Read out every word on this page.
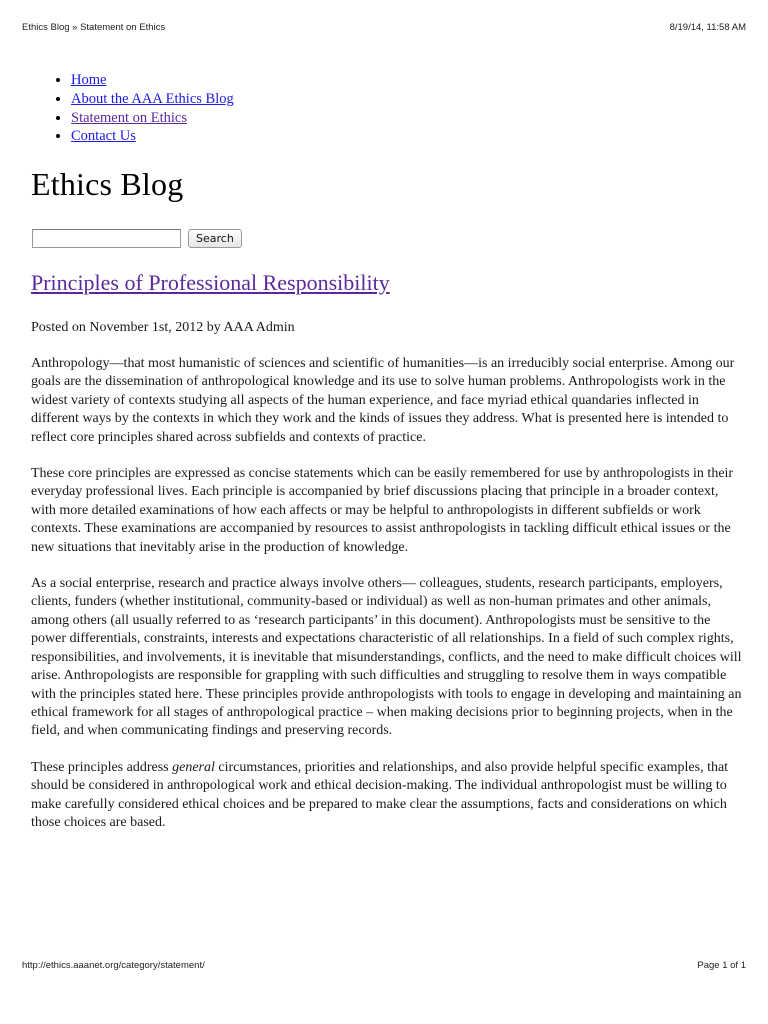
Ethics Blog » Statement on Ethics	8/19/14, 11:58 AM
• Home
• About the AAA Ethics Blog
• Statement on Ethics
• Contact Us
Ethics Blog
Search
Principles of Professional Responsibility
Posted on November 1st, 2012 by AAA Admin

Anthropology—that most humanistic of sciences and scientific of humanities—is an irreducibly social enterprise. Among our goals are the dissemination of anthropological knowledge and its use to solve human problems. Anthropologists work in the widest variety of contexts studying all aspects of the human experience, and face myriad ethical quandaries inflected in different ways by the contexts in which they work and the kinds of issues they address. What is presented here is intended to reflect core principles shared across subfields and contexts of practice.

These core principles are expressed as concise statements which can be easily remembered for use by anthropologists in their everyday professional lives. Each principle is accompanied by brief discussions placing that principle in a broader context, with more detailed examinations of how each affects or may be helpful to anthropologists in different subfields or work contexts. These examinations are accompanied by resources to assist anthropologists in tackling difficult ethical issues or the new situations that inevitably arise in the production of knowledge.

As a social enterprise, research and practice always involve others— colleagues, students, research participants, employers, clients, funders (whether institutional, community-based or individual) as well as non-human primates and other animals, among others (all usually referred to as ‘research participants’ in this document). Anthropologists must be sensitive to the power differentials, constraints, interests and expectations characteristic of all relationships. In a field of such complex rights, responsibilities, and involvements, it is inevitable that misunderstandings, conflicts, and the need to make difficult choices will arise. Anthropologists are responsible for grappling with such difficulties and struggling to resolve them in ways compatible with the principles stated here. These principles provide anthropologists with tools to engage in developing and maintaining an ethical framework for all stages of anthropological practice – when making decisions prior to beginning projects, when in the field, and when communicating findings and preserving records.

These principles address general circumstances, priorities and relationships, and also provide helpful specific examples, that should be considered in anthropological work and ethical decision-making. The individual anthropologist must be willing to make carefully considered ethical choices and be prepared to make clear the assumptions, facts and considerations on which those choices are based.

http://ethics.aaanet.org/category/statement/	Page 1 of 1
